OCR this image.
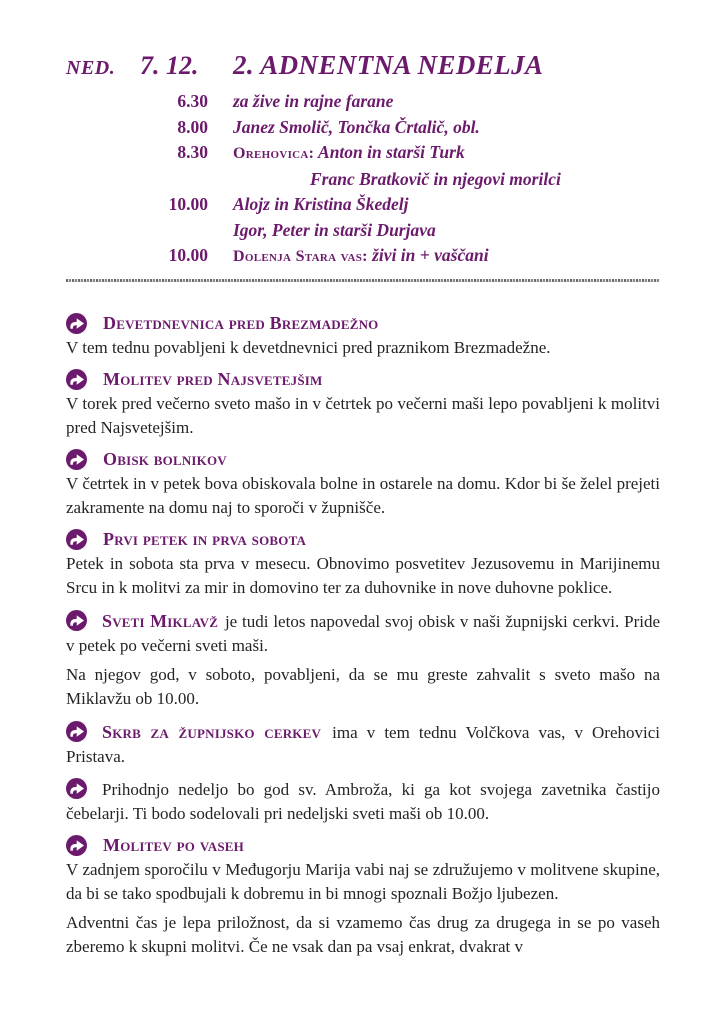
NED. 7. 12.	2. ADNENTNA NEDELJA
6.30 za žive in rajne farane
8.00 Janez Smolič, Tončka Črtalič, obl.
8.30 Orehovica: Anton in starši Turk
Franc Bratkovič in njegovi morilci
10.00 Alojz in Kristina Škedelj
Igor, Peter in starši Durjava
10.00 Dolenja Stara vas: živi in + vaščani
Devetdnevnica pred Brezmadežno

V tem tednu povabljeni k devetdnevnici pred praznikom Brezmadežne.

Molitev pred Najsvetejšim

V torek pred večerno sveto mašo in v četrtek po večerni maši lepo povabljeni k molitvi pred Najsvetejšim.

Obisk bolnikov

V četrtek in v petek bova obiskovala bolne in ostarele na domu. Kdor bi še želel prejeti zakramente na domu naj to sporoči v župnišče.

Prvi petek in prva sobota

Petek in sobota sta prva v mesecu. Obnovimo posvetitev Jezusovemu in Marijinemu Srcu in k molitvi za mir in domovino ter za duhovnike in nove duhovne poklice.

Sveti Miklavž je tudi letos napovedal svoj obisk v naši župnijski cerkvi. Pride v petek po večerni sveti maši.

Na njegov god, v soboto, povabljeni, da se mu greste zahvalit s sveto mašo na Miklavžu ob 10.00.

Skrb za župnijsko cerkev ima v tem tednu Volčkova vas, v Orehovici Pristava.

Prihodnjo nedeljo bo god sv. Ambroža, ki ga kot svojega zavetnika častijo čebelarji. Ti bodo sodelovali pri nedeljski sveti maši ob 10.00.

Molitev po vaseh

V zadnjem sporočilu v Međugorju Marija vabi naj se združujemo v molitvene skupine, da bi se tako spodbujali k dobremu in bi mnogi spoznali Božjo ljubezen.

Adventni čas je lepa priložnost, da si vzamemo čas drug za drugega in se po vaseh zberemo k skupni molitvi. Če ne vsak dan pa vsaj enkrat, dvakrat v
